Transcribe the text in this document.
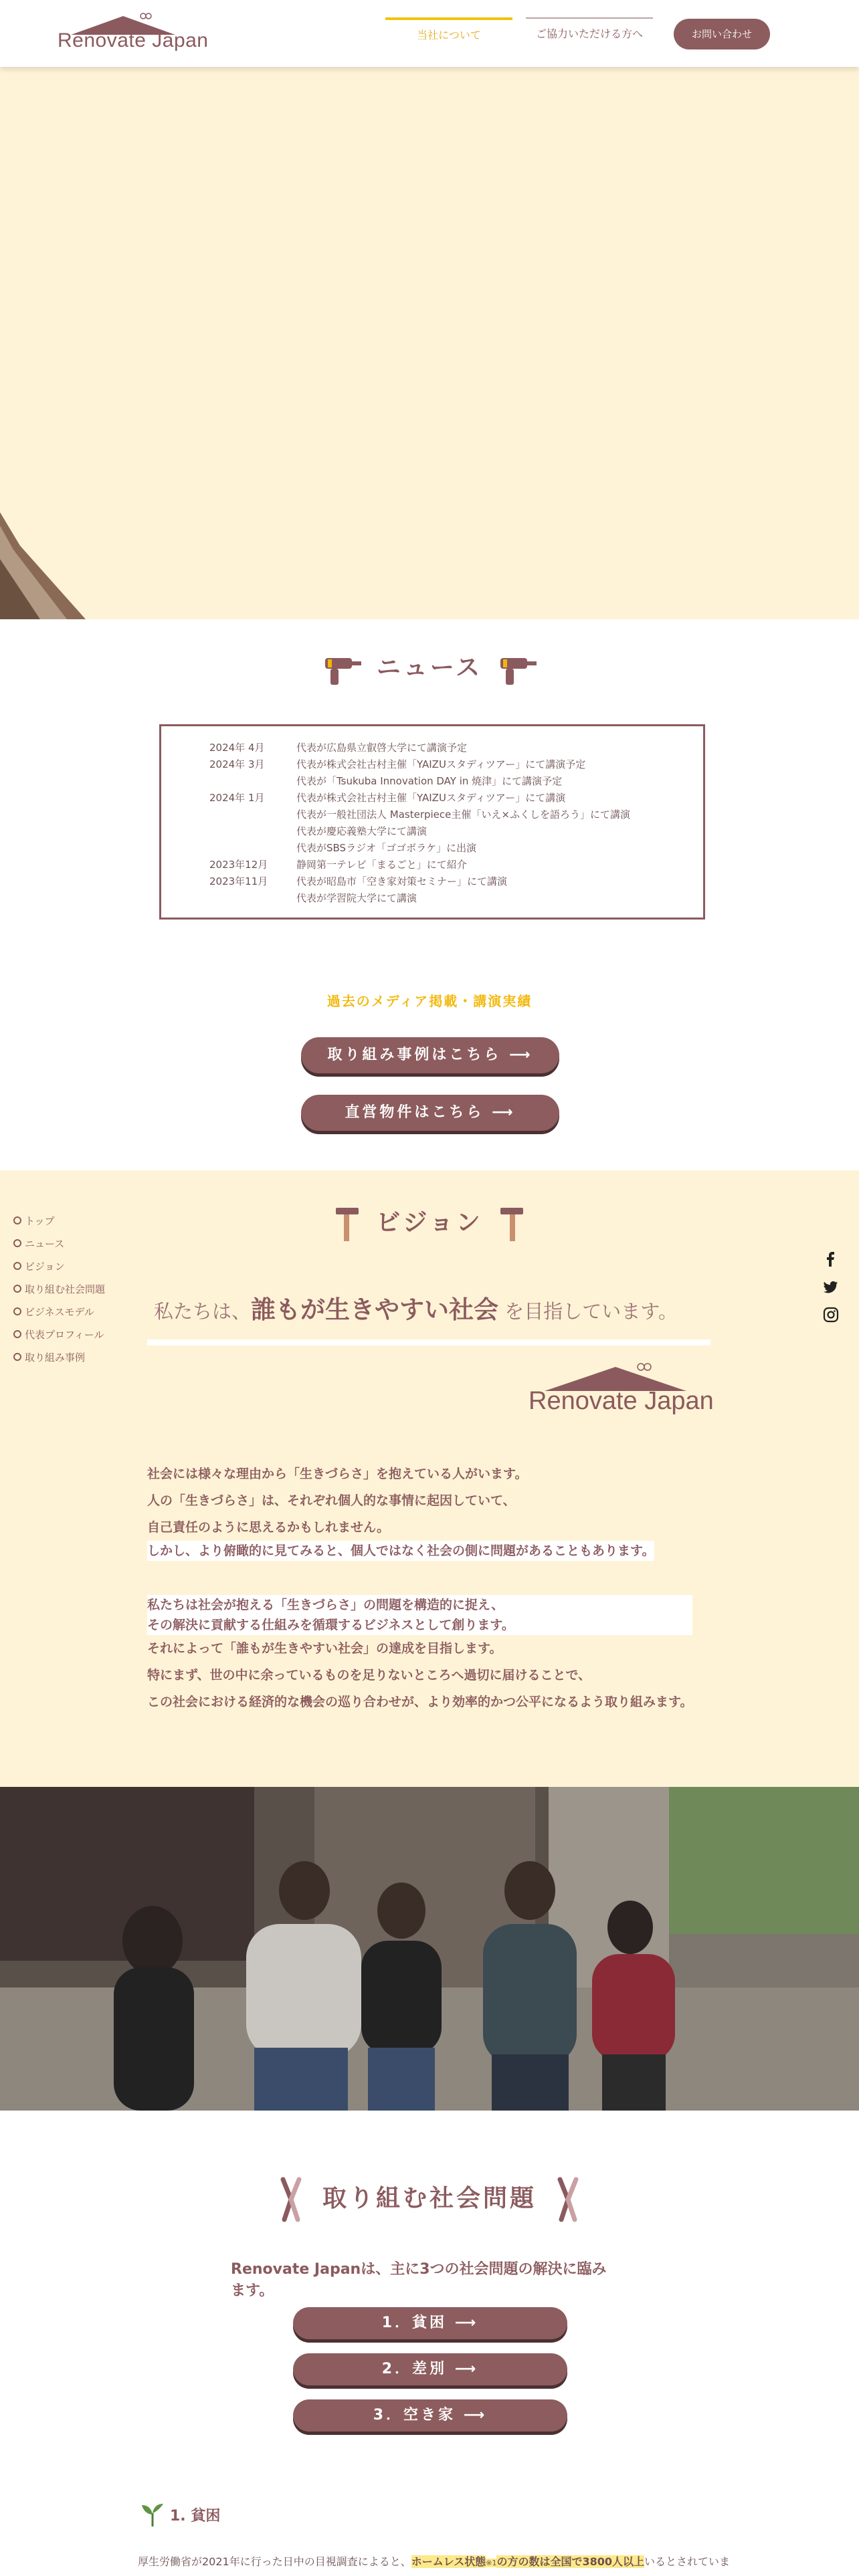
Renovate Japan	当社について	ご協力いただける方へ	お問い合わせ
ニュース
2024年 4月	代表が広島県立叡啓大学にて講演予定
2024年 3月	代表が株式会社古村主催「YAIZUスタディツアー」にて講演予定
代表が「Tsukuba Innovation DAY in 焼津」にて講演予定
2024年 1月	代表が株式会社古村主催「YAIZUスタディツアー」にて講演
代表が一般社団法人 Masterpiece主催「いえ×ふくしを語ろう」にて講演
代表が慶応義塾大学にて講演
代表がSBSラジオ「ゴゴボラケ」に出演
2023年12月	静岡第一テレビ「まるごと」にて紹介
2023年11月	代表が昭島市「空き家対策セミナー」にて講演
代表が学習院大学にて講演
過去のメディア掲載・講演実績
取り組み事例はこちら ⟶
直営物件はこちら ⟶
トップ
ニュース
ビジョン
取り組む社会問題
ビジネスモデル
代表プロフィール
取り組み事例
ビジョン
私たちは、誰もが生きやすい社会 を目指しています。
Renovate Japan
社会には様々な理由から「生きづらさ」を抱えている人がいます。
人の「生きづらさ」は、それぞれ個人的な事情に起因していて、
自己責任のように思えるかもしれません。
しかし、より俯瞰的に見てみると、個人ではなく社会の側に問題があることもあります。
私たちは社会が抱える「生きづらさ」の問題を構造的に捉え、
その解決に貢献する仕組みを循環するビジネスとして創ります。
それによって「誰もが生きやすい社会」の達成を目指します。
特にまず、世の中に余っているものを足りないところへ過切に届けることで、
この社会における経済的な機会の巡り合わせが、より効率的かつ公平になるよう取り組みます。
取り組む社会問題
Renovate Japanは、主に3つの社会問題の解決に臨みます。
1．貧困 ⟶
2．差別 ⟶
3．空き家 ⟶
1. 貧困
厚生労働省が2021年に行った日中の目視調査によると、ホームレス状態※1の方の数は全国で3800人以上いるとされていま
